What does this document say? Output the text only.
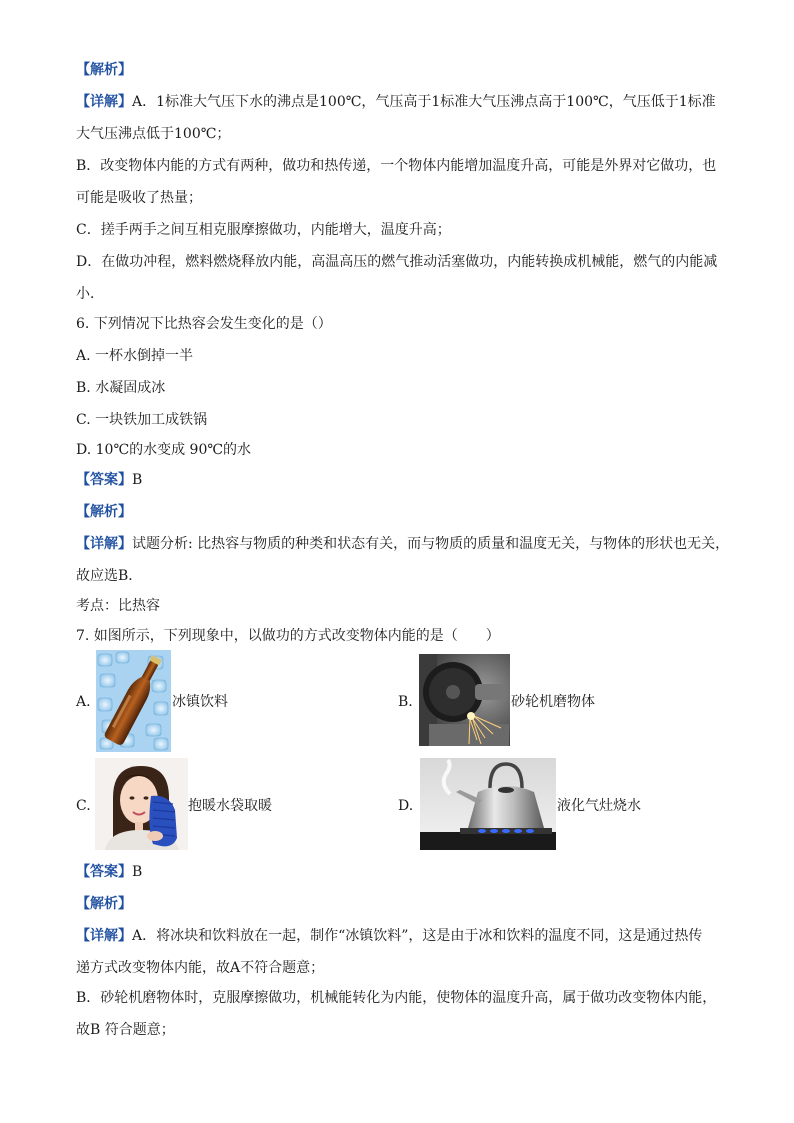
【解析】
【详解】A．1标准大气压下水的沸点是100℃，气压高于1标准大气压沸点高于100℃，气压低于1标准
大气压沸点低于100℃；
B．改变物体内能的方式有两种，做功和热传递，一个物体内能增加温度升高，可能是外界对它做功，也
可能是吸收了热量；
C．搓手两手之间互相克服摩擦做功，内能增大，温度升高；
D．在做功冲程，燃料燃烧释放内能，高温高压的燃气推动活塞做功，内能转换成机械能，燃气的内能减
小．
6. 下列情况下比热容会发生变化的是（）
A. 一杯水倒掉一半
B. 水凝固成冰
C. 一块铁加工成铁锅
D. 10℃的水变成 90℃的水
【答案】B
【解析】
【详解】试题分析: 比热容与物质的种类和状态有关，而与物质的质量和温度无关，与物体的形状也无关，
故应选B．
考点：比热容
7. 如图所示，下列现象中，以做功的方式改变物体内能的是（　　）
A.	冰镇饮料	B.	砂轮机磨物体
C.	抱暖水袋取暖	D.	液化气灶烧水
【答案】B
【解析】
【详解】A．将冰块和饮料放在一起，制作“冰镇饮料”，这是由于冰和饮料的温度不同，这是通过热传
递方式改变物体内能，故A不符合题意；
B．砂轮机磨物体时，克服摩擦做功，机械能转化为内能，使物体的温度升高，属于做功改变物体内能，
故B 符合题意；
